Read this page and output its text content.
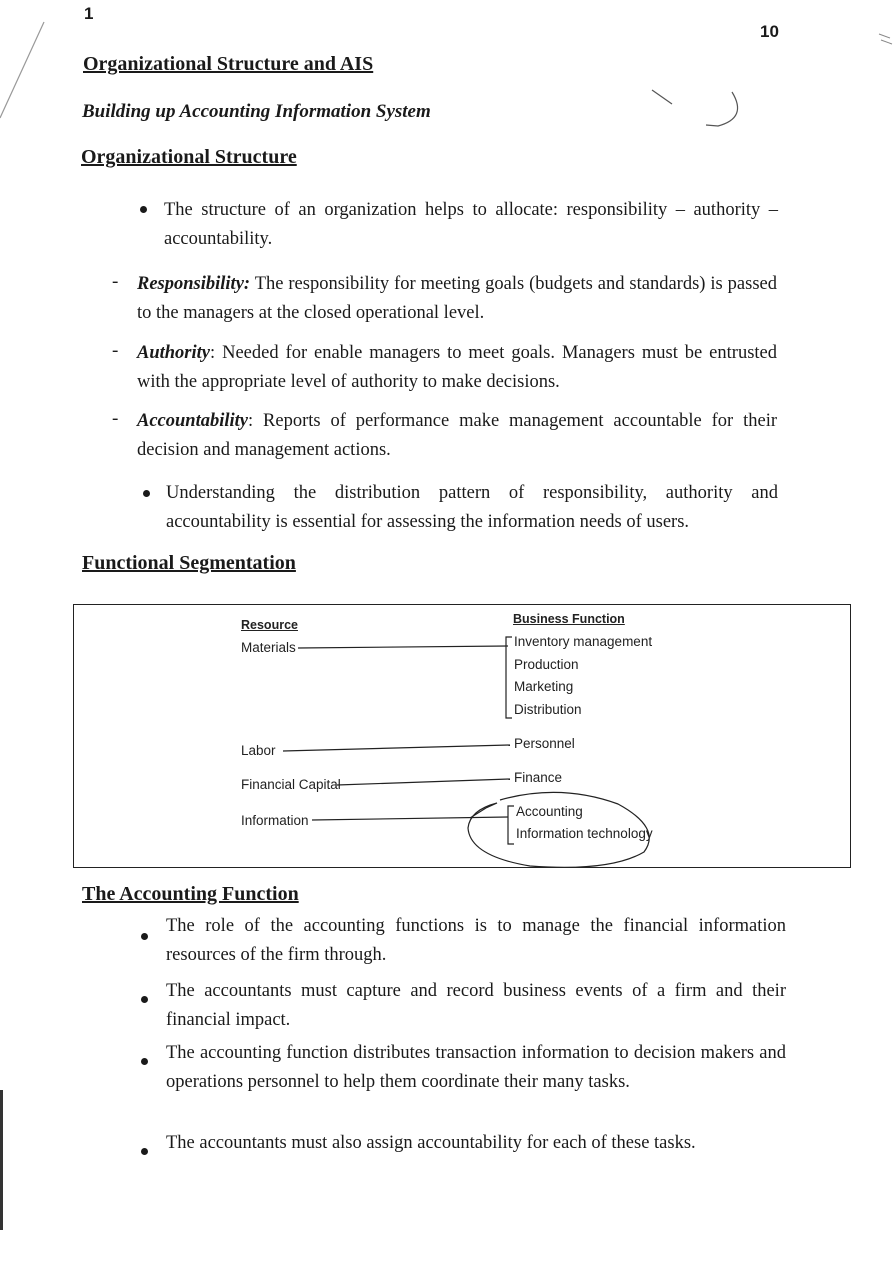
1
10
Organizational Structure and AIS
Building up Accounting Information System
Organizational Structure
The structure of an organization helps to allocate: responsibility – authority – accountability.
- Responsibility: The responsibility for meeting goals (budgets and standards) is passed to the managers at the closed operational level.
- Authority: Needed for enable managers to meet goals. Managers must be entrusted with the appropriate level of authority to make decisions.
- Accountability: Reports of performance make management accountable for their decision and management actions.
Understanding the distribution pattern of responsibility, authority and accountability is essential for assessing the information needs of users.
Functional Segmentation
Resource	Business Function
Materials
Labor
Financial Capital
Information
Inventory management
Production
Marketing
Distribution
Personnel
Finance
Accounting
Information technology
The Accounting Function
The role of the accounting functions is to manage the financial information resources of the firm through.
The accountants must capture and record business events of a firm and their financial impact.
The accounting function distributes transaction information to decision makers and operations personnel to help them coordinate their many tasks.
The accountants must also assign accountability for each of these tasks.
